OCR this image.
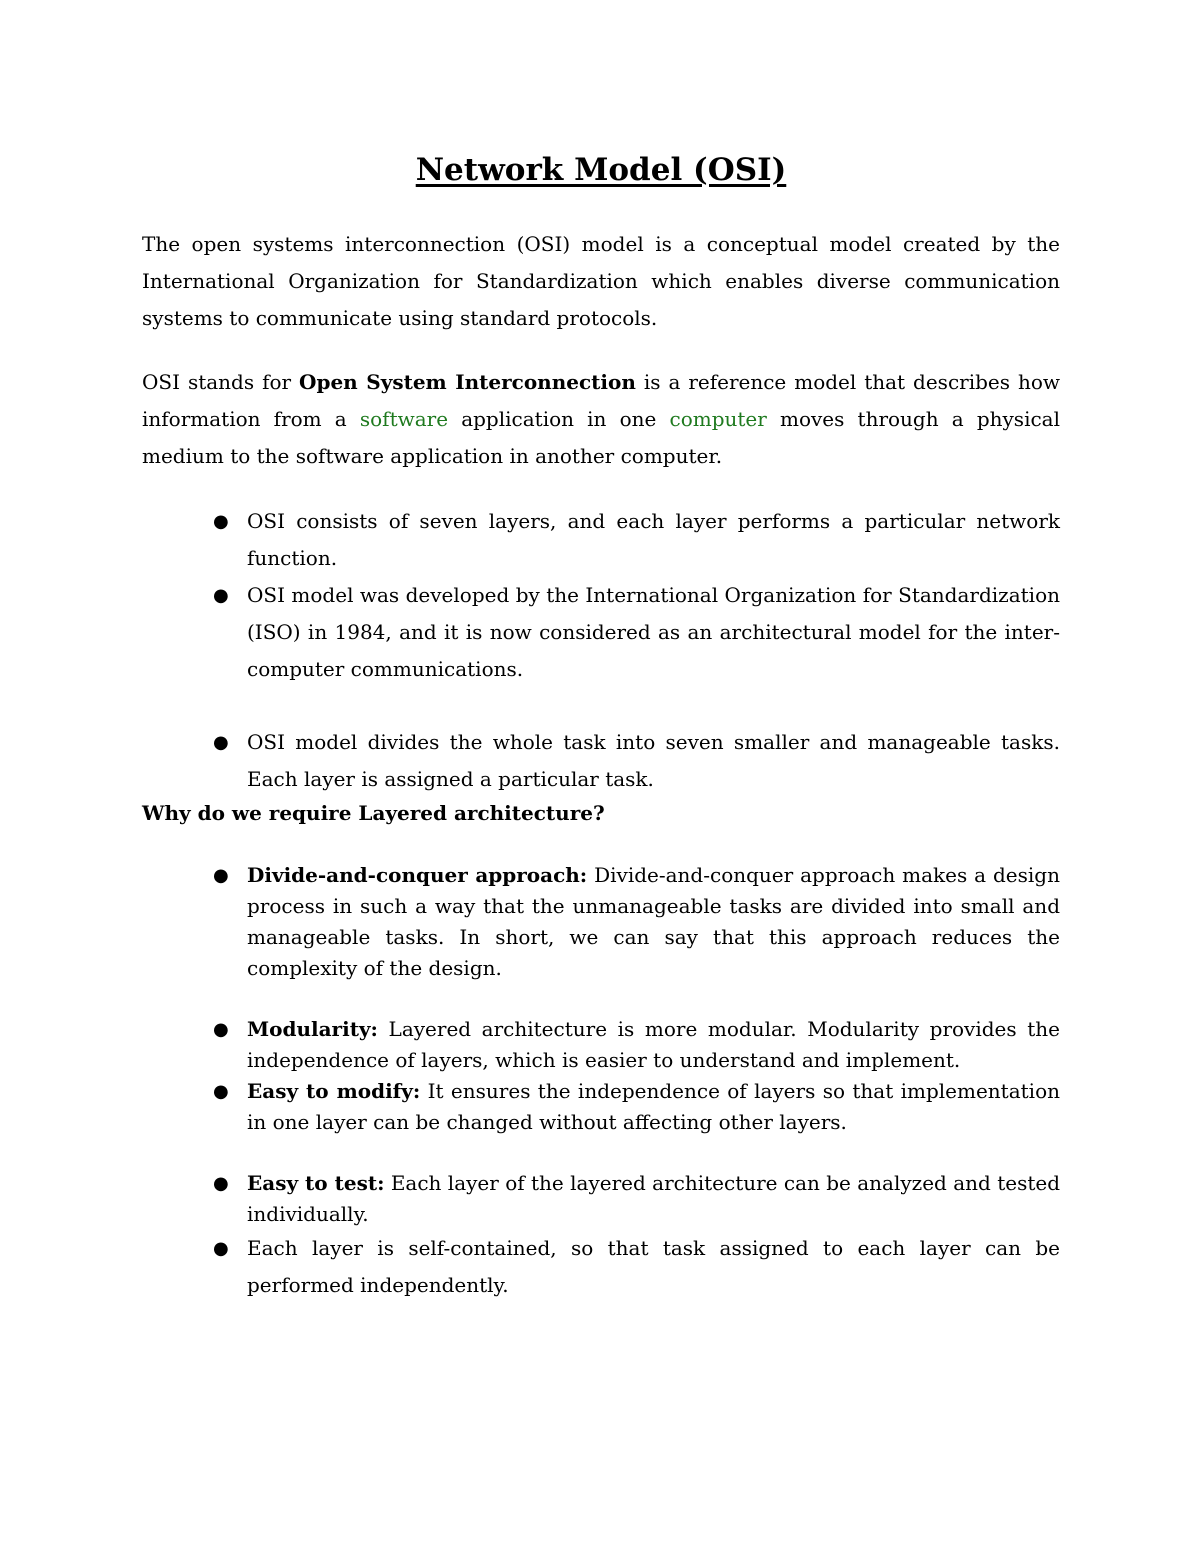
Network Model (OSI)

The open systems interconnection (OSI) model is a conceptual model created by the International Organization for Standardization which enables diverse communication systems to communicate using standard protocols.

OSI stands for Open System Interconnection is a reference model that describes how information from a software application in one computer moves through a physical medium to the software application in another computer.

● OSI consists of seven layers, and each layer performs a particular network function.
● OSI model was developed by the International Organization for Standardization (ISO) in 1984, and it is now considered as an architectural model for the inter-computer communications.
● OSI model divides the whole task into seven smaller and manageable tasks. Each layer is assigned a particular task.

Why do we require Layered architecture?

● Divide-and-conquer approach: Divide-and-conquer approach makes a design process in such a way that the unmanageable tasks are divided into small and manageable tasks. In short, we can say that this approach reduces the complexity of the design.
● Modularity: Layered architecture is more modular. Modularity provides the independence of layers, which is easier to understand and implement.
● Easy to modify: It ensures the independence of layers so that implementation in one layer can be changed without affecting other layers.
● Easy to test: Each layer of the layered architecture can be analyzed and tested individually.
● Each layer is self-contained, so that task assigned to each layer can be performed independently.
